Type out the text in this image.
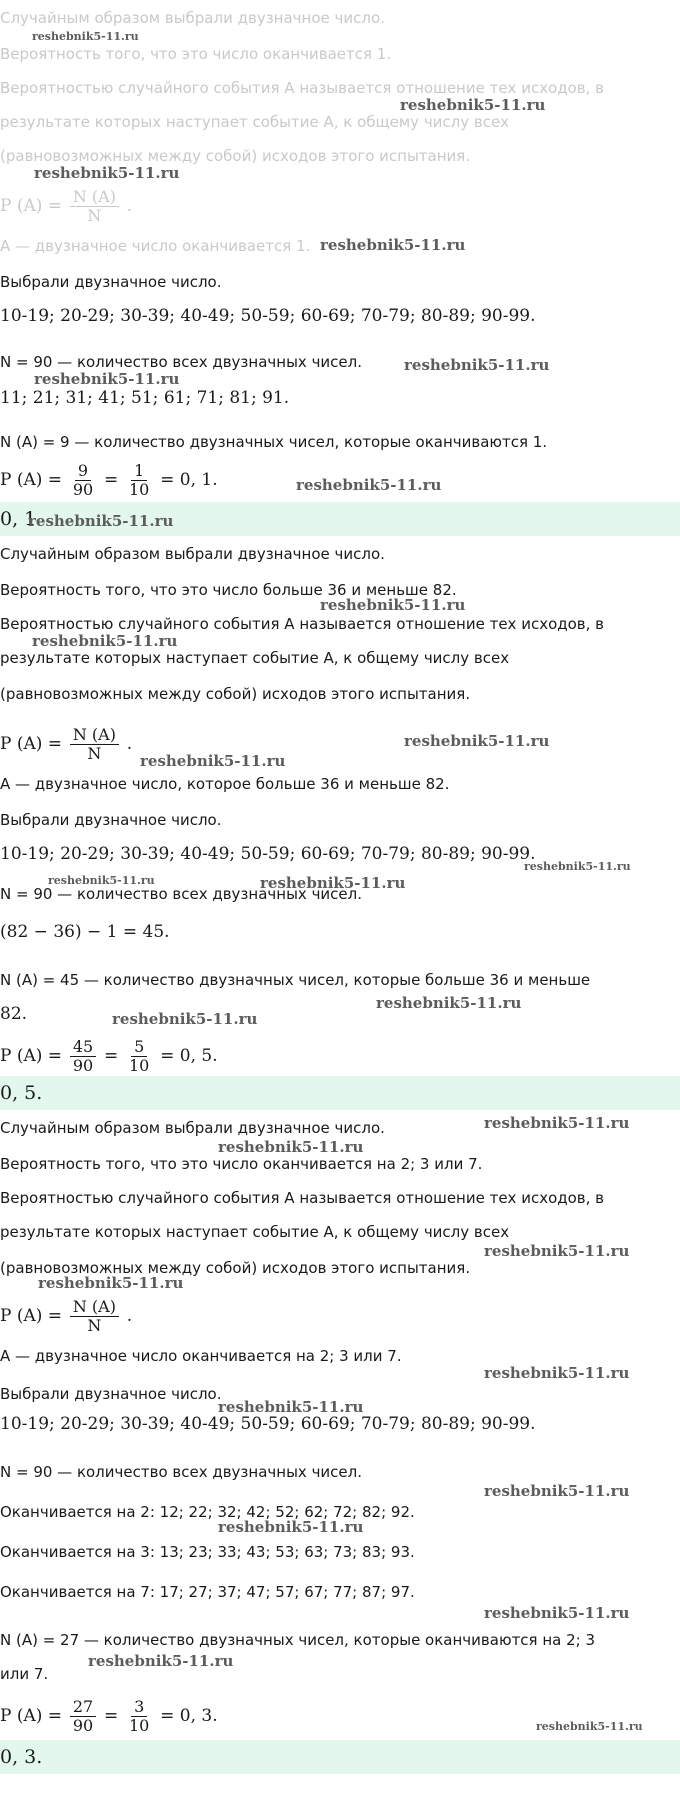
Случайным образом выбрали двузначное число.
Вероятность того, что это число оканчивается 1.
Вероятностью случайного события A называется отношение тех исходов, в
результате которых наступает событие A, к общему числу всех
(равновозможных между собой) исходов этого испытания.
P $(A) = \frac{N (A)}{N}$ .
A — двузначное число оканчивается 1.
Выбрали двузначное число.
10-19; 20-29; 30-39; 40-49; 50-59; 60-69; 70-79; 80-89; 90-99.
N = 90 — количество всех двузначных чисел.
11; 21; 31; 41; 51; 61; 71; 81; 91.
N (A) = 9 — количество двузначных чисел, которые оканчиваются 1.
P $(A) = \frac{9}{90} = \frac{1}{10} = 0$, 1.
0, 1
Случайным образом выбрали двузначное число.
Вероятность того, что это число больше 36 и меньше 82.
Вероятностью случайного события A называется отношение тех исходов, в
результате которых наступает событие A, к общему числу всех
(равновозможных между собой) исходов этого испытания.
P $(A) = \frac{N (A)}{N}$ .
A — двузначное число, которое больше 36 и меньше 82.
Выбрали двузначное число.
10-19; 20-29; 30-39; 40-49; 50-59; 60-69; 70-79; 80-89; 90-99.
N = 90 — количество всех двузначных чисел.
(82 − 36) − 1 = 45.
N (A) = 45 — количество двузначных чисел, которые больше 36 и меньше
82.
P $(A) = \frac{45}{90} = \frac{5}{10} = 0$, 5.
0, 5.
Случайным образом выбрали двузначное число.
Вероятность того, что это число оканчивается на 2; 3 или 7.
Вероятностью случайного события A называется отношение тех исходов, в
результате которых наступает событие A, к общему числу всех
(равновозможных между собой) исходов этого испытания.
P $(A) = \frac{N (A)}{N}$ .
A — двузначное число оканчивается на 2; 3 или 7.
Выбрали двузначное число.
10-19; 20-29; 30-39; 40-49; 50-59; 60-69; 70-79; 80-89; 90-99.
N = 90 — количество всех двузначных чисел.
Оканчивается на 2: 12; 22; 32; 42; 52; 62; 72; 82; 92.
Оканчивается на 3: 13; 23; 33; 43; 53; 63; 73; 83; 93.
Оканчивается на 7: 17; 27; 37; 47; 57; 67; 77; 87; 97.
N (A) = 27 — количество двузначных чисел, которые оканчиваются на 2; 3
или 7.
P $(A) = \frac{27}{90} = \frac{3}{10} = 0$, 3.
0, 3.
reshebnik5-11.ru
reshebnik5-11.ru
reshebnik5-11.ru
reshebnik5-11.ru
reshebnik5-11.ru
reshebnik5-11.ru
reshebnik5-11.ru
reshebnik5-11.ru
reshebnik5-11.ru
reshebnik5-11.ru
reshebnik5-11.ru
reshebnik5-11.ru
reshebnik5-11.ru
reshebnik5-11.ru	reshebnik5-11.ru
reshebnik5-11.ru
reshebnik5-11.ru
reshebnik5-11.ru
reshebnik5-11.ru
reshebnik5-11.ru
reshebnik5-11.ru
reshebnik5-11.ru
reshebnik5-11.ru
reshebnik5-11.ru
reshebnik5-11.ru
reshebnik5-11.ru
reshebnik5-11.ru
reshebnik5-11.ru
